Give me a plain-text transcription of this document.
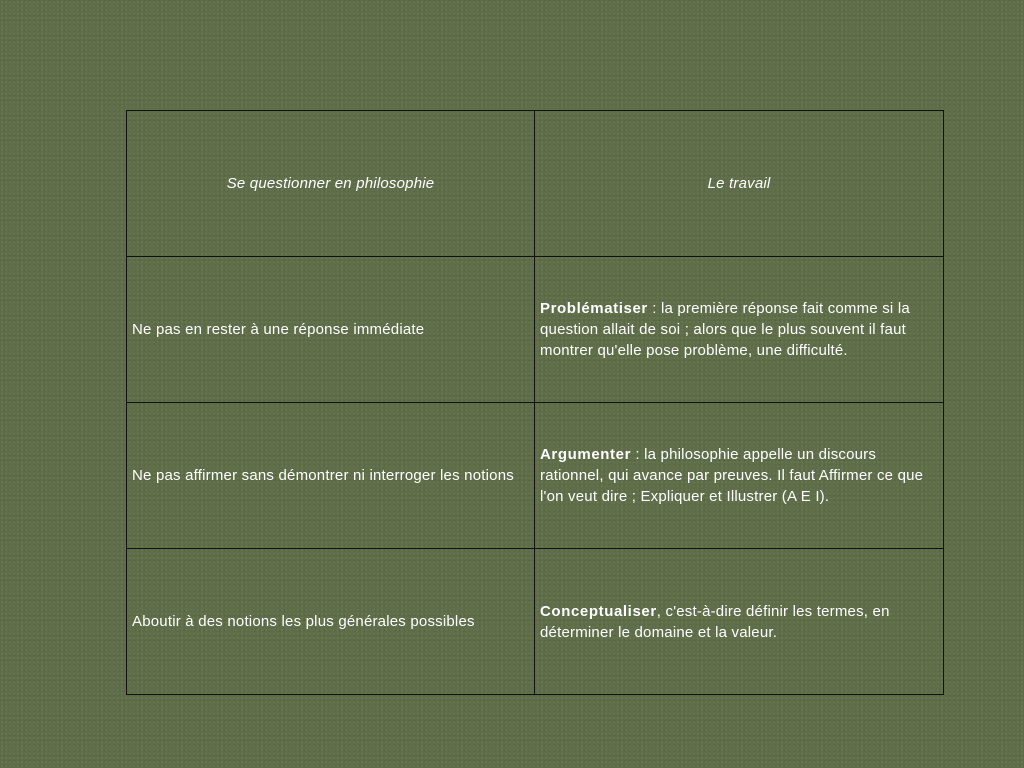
Se questionner en philosophie	Le travail
Ne pas en rester à une réponse immédiate	Problématiser : la première réponse fait comme si la question allait de soi ; alors que le plus souvent il faut montrer qu'elle pose problème, une difficulté.
Ne pas affirmer sans démontrer ni interroger les notions	Argumenter : la philosophie appelle un discours rationnel, qui avance par preuves. Il faut Affirmer ce que l'on veut dire ; Expliquer et Illustrer (A E I).
Aboutir à des notions les plus générales possibles	Conceptualiser, c'est-à-dire définir les termes, en déterminer le domaine et la valeur.
